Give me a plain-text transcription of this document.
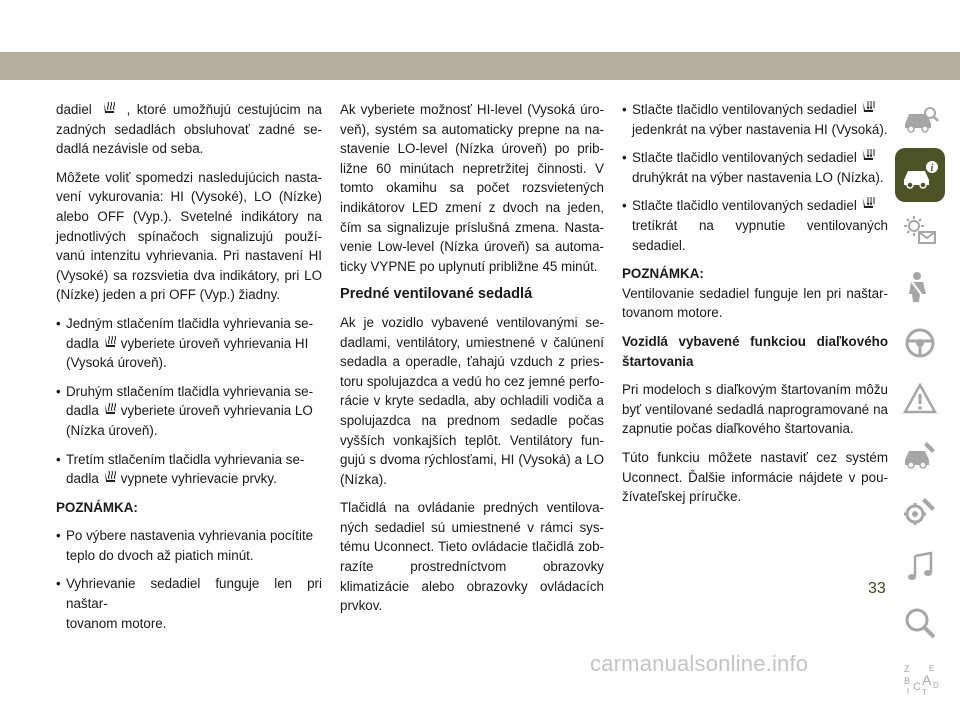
dadiel	, ktoré umožňujú cestujúcim na zadných sedadlách obsluhovať zadné se- dadlá nezávisle od seba.
Môžete voliť spomedzi nasledujúcich nasta- vení vykurovania: HI (Vysoké), LO (Nízke) alebo OFF (Vyp.). Svetelné indikátory na jednotlivých spínačoch signalizujú použí- vanú intenzitu vyhrievania. Pri nastavení HI (Vysoké) sa rozsvietia dva indikátory, pri LO (Nízke) jeden a pri OFF (Vyp.) žiadny.
• Jedným stlačením tlačidla vyhrievania se-
dadla vyberiete úroveň vyhrievania HI
(Vysoká úroveň).
• Druhým stlačením tlačidla vyhrievania se-
dadla vyberiete úroveň vyhrievania LO
(Nízka úroveň).
• Tretím stlačením tlačidla vyhrievania se-
dadla vypnete vyhrievacie prvky.
POZNÁMKA:
• Po výbere nastavenia vyhrievania pocítite
teplo do dvoch až piatich minút.
• Vyhrievanie sedadiel funguje len pri naštar-
tovanom motore.
Ak vyberiete možnosť HI-level (Vysoká úro- veň), systém sa automaticky prepne na na- stavenie LO-level (Nízka úroveň) po prib- ližne 60 minútach nepretržitej činnosti. V tomto okamihu sa počet rozsvietených indikátorov LED zmení z dvoch na jeden, čím sa signalizuje príslušná zmena. Nasta- venie Low-level (Nízka úroveň) sa automa- ticky VYPNE po uplynutí približne 45 minút.
Predné ventilované sedadlá
Ak je vozidlo vybavené ventilovanými se- dadlami, ventilátory, umiestnené v čalúnení sedadla a operadle, ťahajú vzduch z pries- toru spolujazdca a vedú ho cez jemné perfo- rácie v kryte sedadla, aby ochladili vodiča a spolujazdca na prednom sedadle počas vyšších vonkajších teplôt. Ventilátory fun- gujú s dvoma rýchlosťami, HI (Vysoká) a LO (Nízka).
Tlačidlá na ovládanie predných ventilova- ných sedadiel sú umiestnené v rámci sys- tému Uconnect. Tieto ovládacie tlačidlá zob- razíte prostredníctvom obrazovky klimatizácie alebo obrazovky ovládacích prvkov.
• Stlačte tlačidlo ventilovaných sedadiel
jedenkrát na výber nastavenia HI (Vysoká).
• Stlačte tlačidlo ventilovaných sedadiel
druhýkrát na výber nastavenia LO (Nízka).
• Stlačte tlačidlo ventilovaných sedadiel
tretíkrát na vypnutie ventilovaných sedadiel.
POZNÁMKA:
Ventilovanie sedadiel funguje len pri naštar- tovanom motore.
Vozidlá vybavené funkciou diaľkového štartovania
Pri modeloch s diaľkovým štartovaním môžu byť ventilované sedadlá naprogramované na zapnutie počas diaľkového štartovania.
Túto funkciu môžete nastaviť cez systém Uconnect. Ďalšie informácie nájdete v pou- žívateľskej príručke.
i
Z E
B A
I C D
T
33
carmanualsonline.info
